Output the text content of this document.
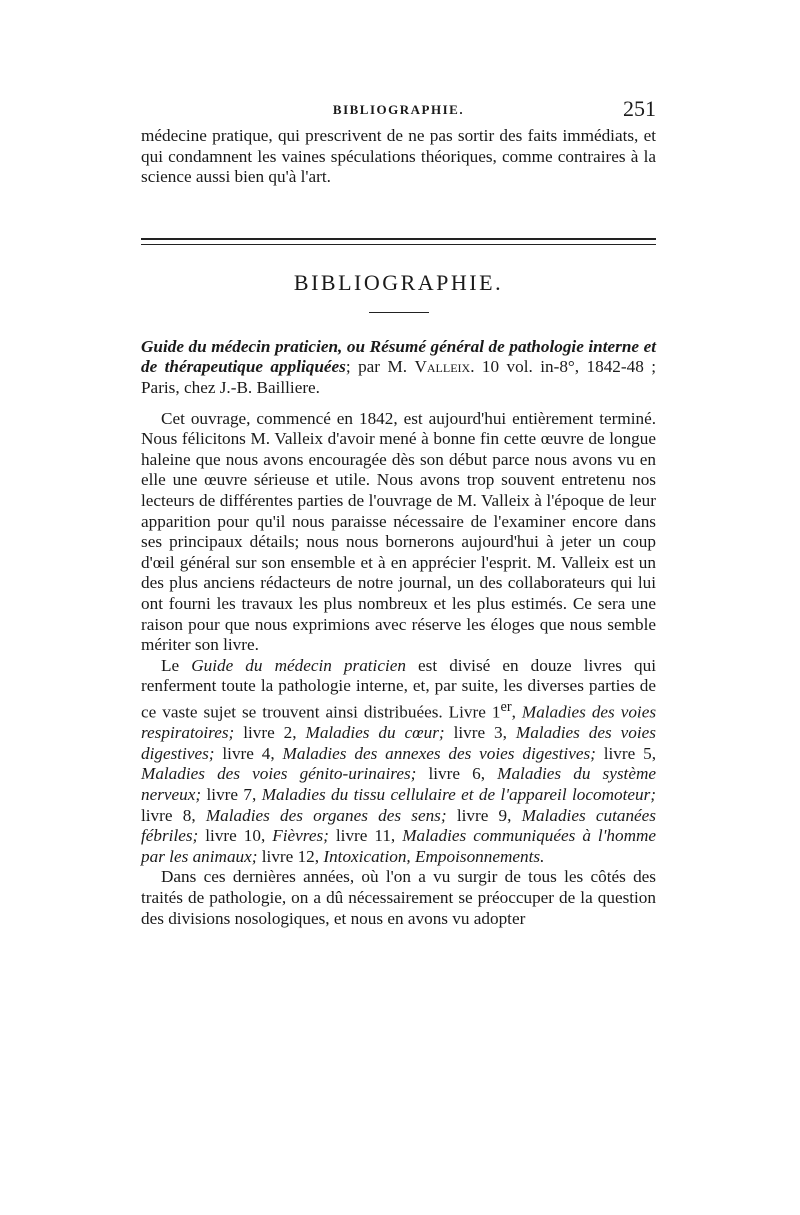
BIBLIOGRAPHIE.	251

médecine pratique, qui prescrivent de ne pas sortir des faits immédiats, et qui condamnent les vaines spéculations théoriques, comme contraires à la science aussi bien qu'à l'art.

BIBLIOGRAPHIE.

Guide du médecin praticien, ou Résumé général de pathologie interne et de thérapeutique appliquées; par M. Valleix. 10 vol. in-8°, 1842-48 ; Paris, chez J.-B. Bailliere.

Cet ouvrage, commencé en 1842, est aujourd'hui entièrement terminé. Nous félicitons M. Valleix d'avoir mené à bonne fin cette œuvre de longue haleine que nous avons encouragée dès son début parce nous avons vu en elle une œuvre sérieuse et utile. Nous avons trop souvent entretenu nos lecteurs de différentes parties de l'ouvrage de M. Valleix à l'époque de leur apparition pour qu'il nous paraisse nécessaire de l'examiner encore dans ses principaux détails; nous nous bornerons aujourd'hui à jeter un coup d'œil général sur son ensemble et à en apprécier l'esprit. M. Valleix est un des plus anciens rédacteurs de notre journal, un des collaborateurs qui lui ont fourni les travaux les plus nombreux et les plus estimés. Ce sera une raison pour que nous exprimions avec réserve les éloges que nous semble mériter son livre.

Le Guide du médecin praticien est divisé en douze livres qui renferment toute la pathologie interne, et, par suite, les diverses parties de ce vaste sujet se trouvent ainsi distribuées. Livre 1er, Maladies des voies respiratoires; livre 2, Maladies du cœur; livre 3, Maladies des voies digestives; livre 4, Maladies des annexes des voies digestives; livre 5, Maladies des voies génito-urinaires; livre 6, Maladies du système nerveux; livre 7, Maladies du tissu cellulaire et de l'appareil locomoteur; livre 8, Maladies des organes des sens; livre 9, Maladies cutanées fébriles; livre 10, Fièvres; livre 11, Maladies communiquées à l'homme par les animaux; livre 12, Intoxication, Empoisonnements.

Dans ces dernières années, où l'on a vu surgir de tous les côtés des traités de pathologie, on a dû nécessairement se préoccuper de la question des divisions nosologiques, et nous en avons vu adopter
